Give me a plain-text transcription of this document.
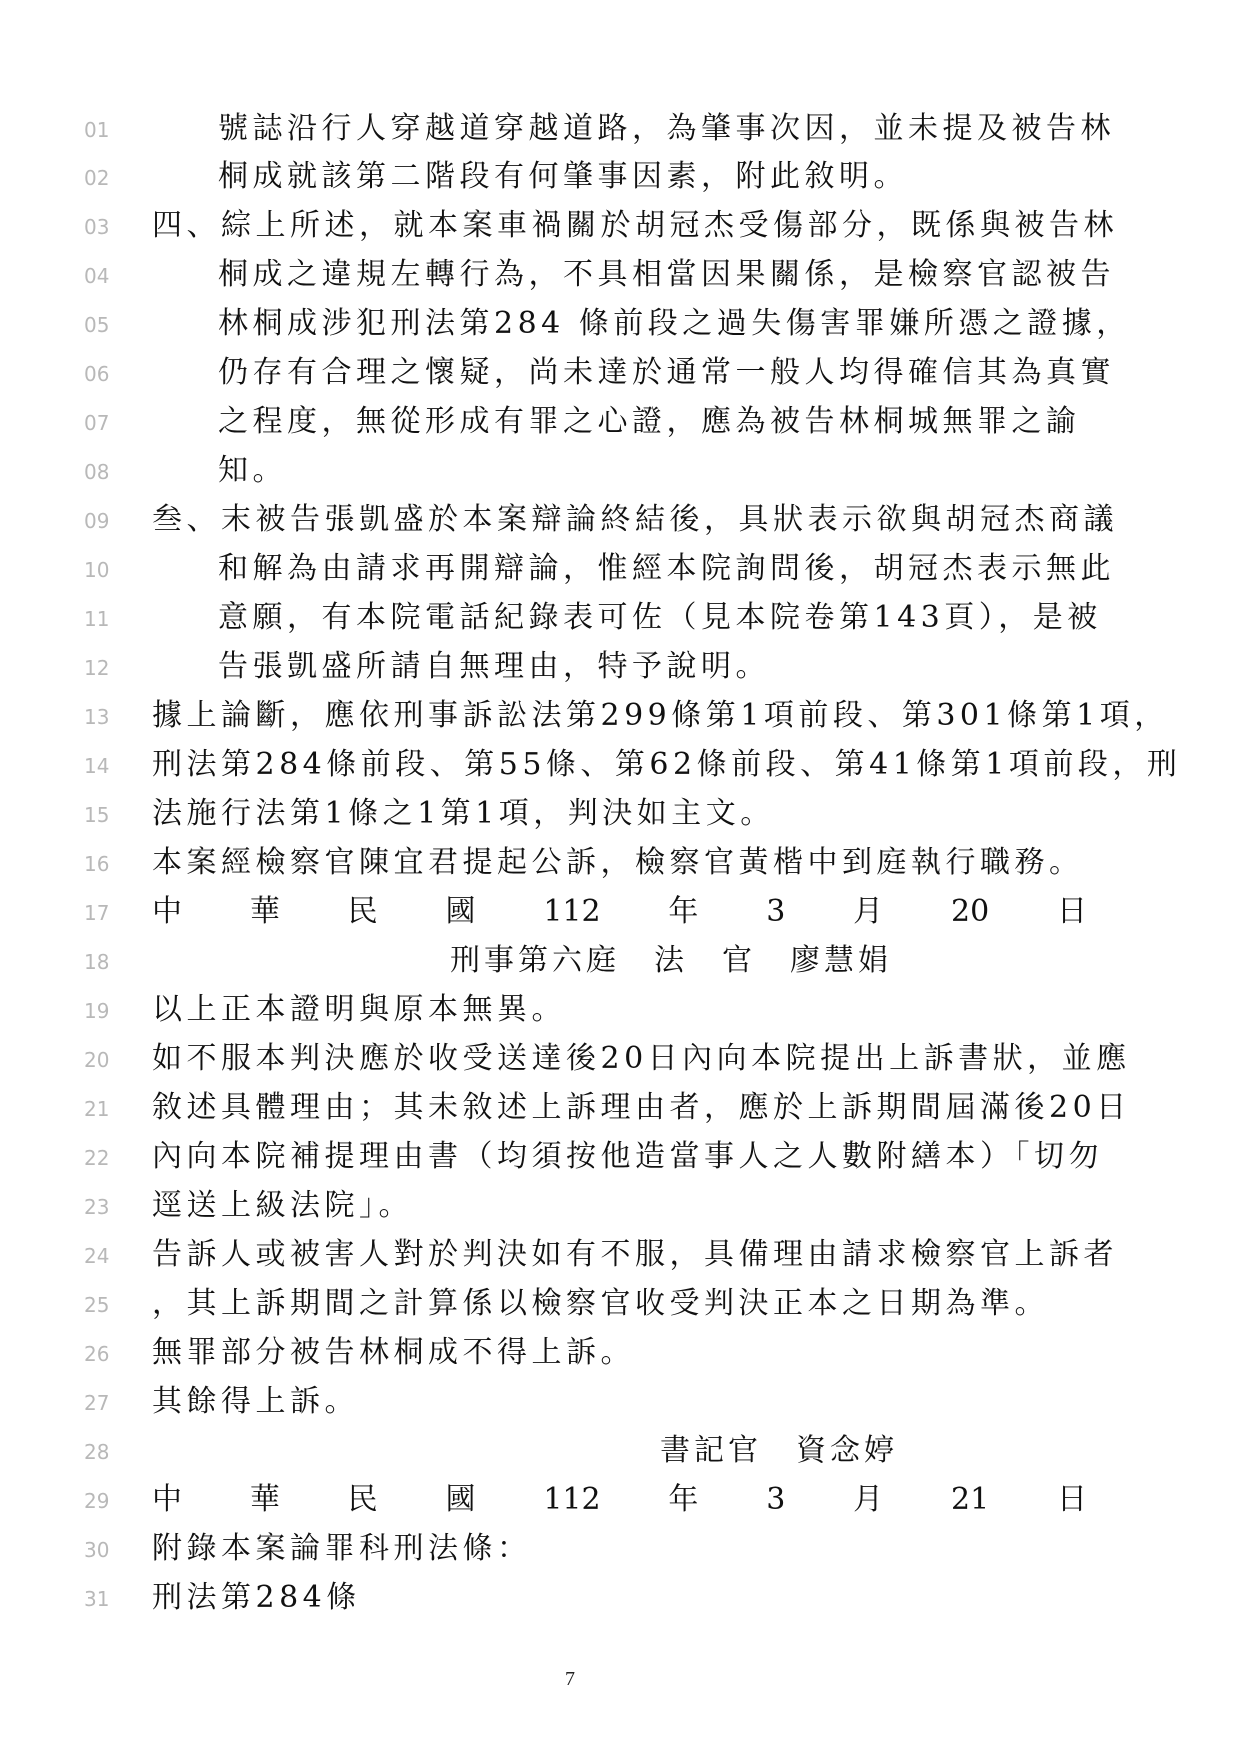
01	號誌沿行人穿越道穿越道路，為肇事次因，並未提及被告林
02	桐成就該第二階段有何肇事因素，附此敘明。
03	四、綜上所述，就本案車禍關於胡冠杰受傷部分，既係與被告林
04	桐成之違規左轉行為，不具相當因果關係，是檢察官認被告
05	林桐成涉犯刑法第284 條前段之過失傷害罪嫌所憑之證據，
06	仍存有合理之懷疑，尚未達於通常一般人均得確信其為真實
07	之程度，無從形成有罪之心證，應為被告林桐城無罪之諭
08	知。
09	叁、末被告張凱盛於本案辯論終結後，具狀表示欲與胡冠杰商議
10	和解為由請求再開辯論，惟經本院詢問後，胡冠杰表示無此
11	意願，有本院電話紀錄表可佐（見本院卷第143頁），是被
12	告張凱盛所請自無理由，特予說明。
13	據上論斷，應依刑事訴訟法第299條第1項前段、第301條第1項，
14	刑法第284條前段、第55條、第62條前段、第41條第1項前段，刑
15	法施行法第1條之1第1項，判決如主文。
16	本案經檢察官陳宜君提起公訴，檢察官黃楷中到庭執行職務。
17	中 華 民 國 112 年 3 月 20 日
18	刑事第六庭　法　官　廖慧娟
19	以上正本證明與原本無異。
20	如不服本判決應於收受送達後20日內向本院提出上訴書狀，並應
21	敘述具體理由；其未敘述上訴理由者，應於上訴期間屆滿後20日
22	內向本院補提理由書（均須按他造當事人之人數附繕本）「切勿
23	逕送上級法院」。
24	告訴人或被害人對於判決如有不服，具備理由請求檢察官上訴者
25	，其上訴期間之計算係以檢察官收受判決正本之日期為準。
26	無罪部分被告林桐成不得上訴。
27	其餘得上訴。
28	書記官　資念婷
29	中 華 民 國 112 年 3 月 21 日
30	附錄本案論罪科刑法條：
31	刑法第284條
7
